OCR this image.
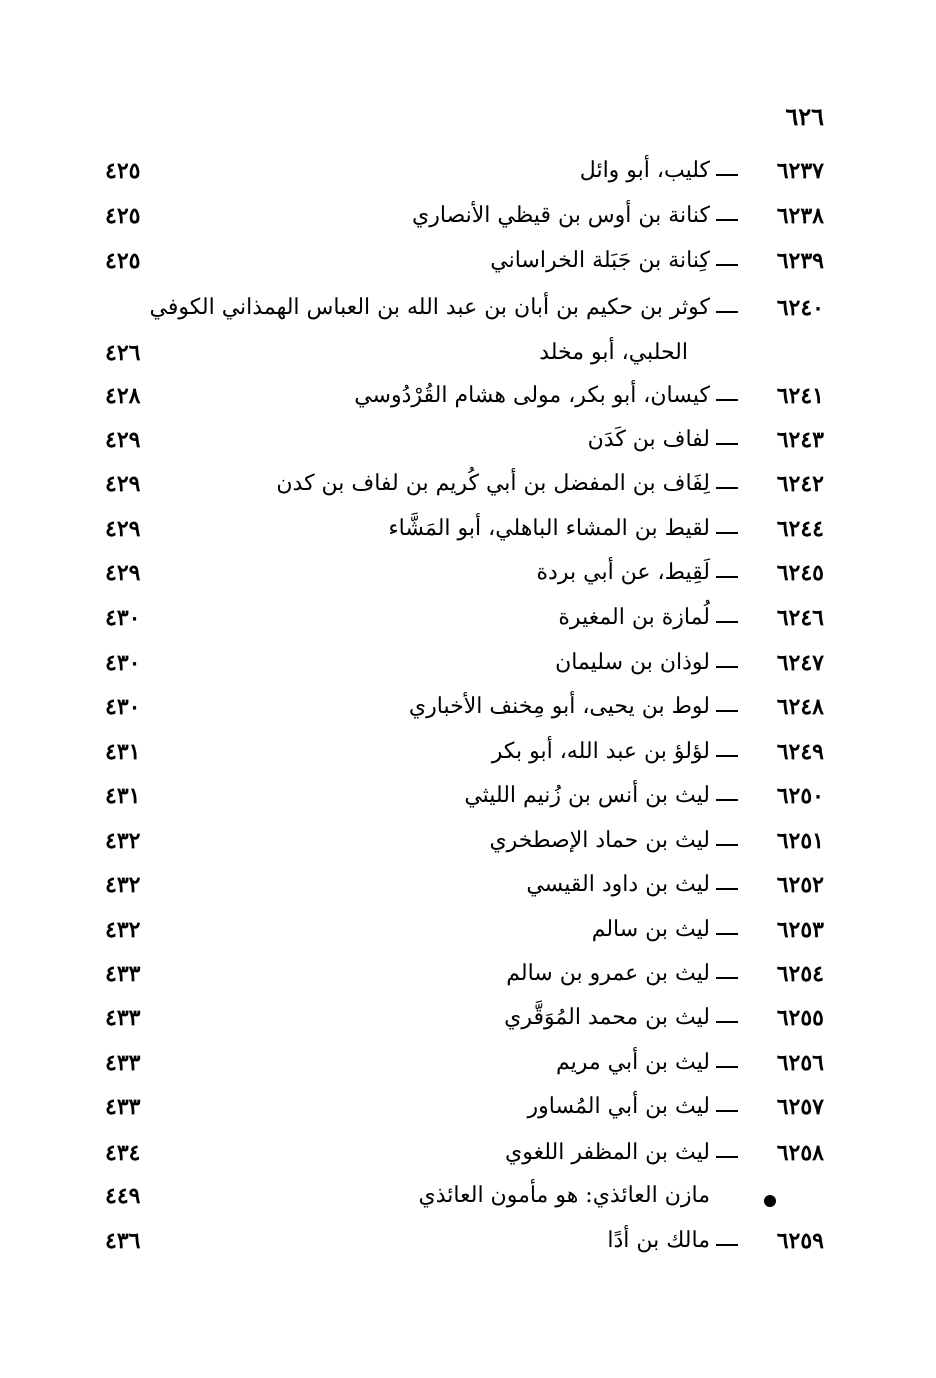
٦٢٦
٦٢٣٧
كليب، أبو وائل
٤٢٥
٦٢٣٨
كنانة بن أوس بن قيظي الأنصاري
٤٢٥
٦٢٣٩
كِنانة بن جَبَلة الخراساني
٤٢٥
٦٢٤٠
كوثر بن حكيم بن أبان بن عبد الله بن العباس الهمذاني الكوفي
الحلبي، أبو مخلد
٤٢٦
٦٢٤١
كيسان، أبو بكر، مولى هشام القُرْدُوسي
٤٢٨
٦٢٤٣
لفاف بن كَدَن
٤٢٩
٦٢٤٢
لِفَاف بن المفضل بن أبي كُريم بن لفاف بن كدن
٤٢٩
٦٢٤٤
لقيط بن المشاء الباهلي، أبو المَشَّاء
٤٢٩
٦٢٤٥
لَقِيط، عن أبي بردة
٤٢٩
٦٢٤٦
لُمازة بن المغيرة
٤٣٠
٦٢٤٧
لوذان بن سليمان
٤٣٠
٦٢٤٨
لوط بن يحيى، أبو مِخنف الأخباري
٤٣٠
٦٢٤٩
لؤلؤ بن عبد الله، أبو بكر
٤٣١
٦٢٥٠
ليث بن أنس بن زُنيم الليثي
٤٣١
٦٢٥١
ليث بن حماد الإصطخري
٤٣٢
٦٢٥٢
ليث بن داود القيسي
٤٣٢
٦٢٥٣
ليث بن سالم
٤٣٢
٦٢٥٤
ليث بن عمرو بن سالم
٤٣٣
٦٢٥٥
ليث بن محمد المُوَقَّري
٤٣٣
٦٢٥٦
ليث بن أبي مريم
٤٣٣
٦٢٥٧
ليث بن أبي المُساور
٤٣٣
٦٢٥٨
ليث بن المظفر اللغوي
٤٣٤
مازن العائذي: هو مأمون العائذي
٤٤٩
٦٢٥٩
مالك بن أدًا
٤٣٦
